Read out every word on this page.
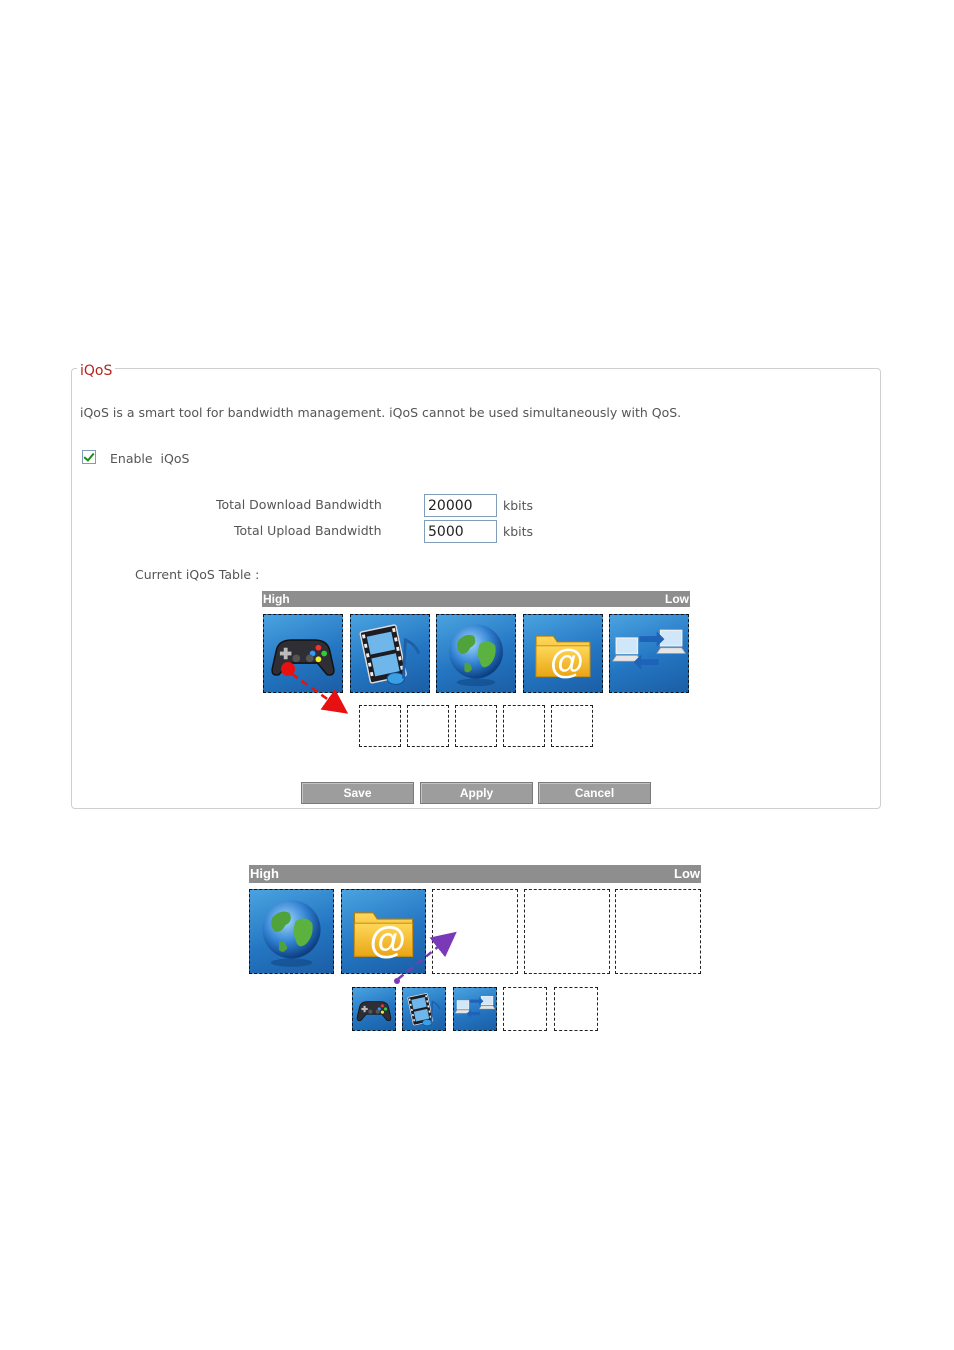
iQoS
iQoS is a smart tool for bandwidth management. iQoS cannot be used simultaneously with QoS.
Enable  iQoS
Total Download Bandwidth
20000	kbits
Total Upload Bandwidth
5000	kbits
Current iQoS Table :
High	Low
Save	Apply	Cancel
High	Low
